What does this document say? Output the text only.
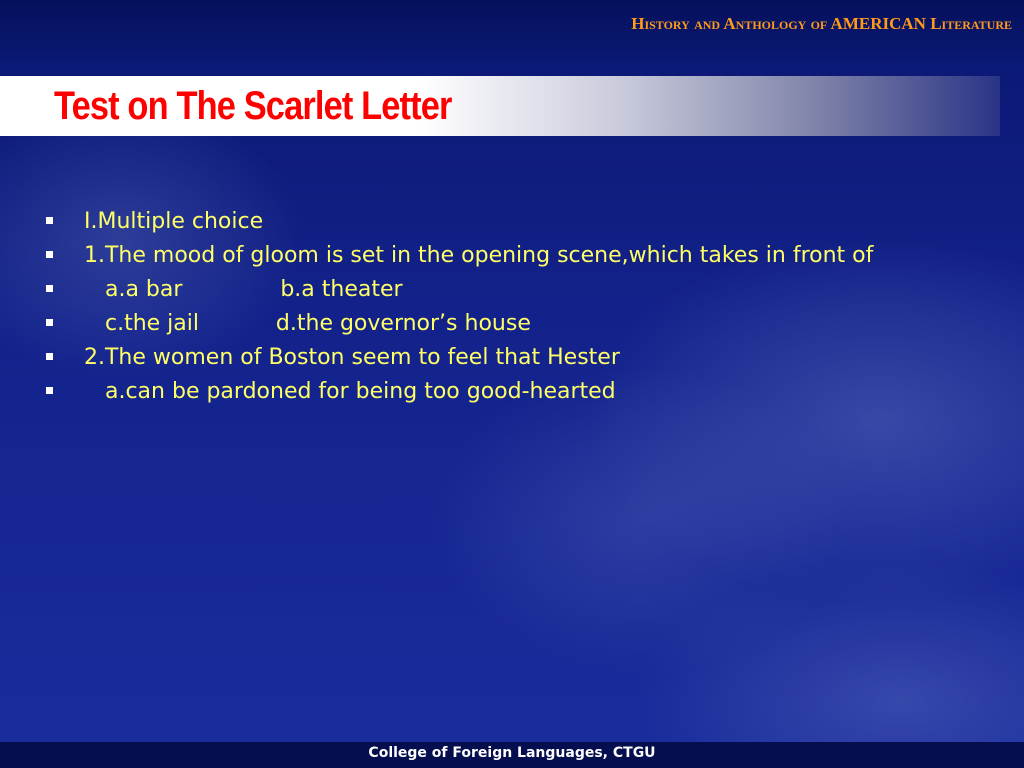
History and Anthology of AMERICAN Literature
Test on The Scarlet Letter
I.Multiple choice
1.The mood of gloom is set in the opening scene,which takes in front of
a.a bar              b.a theater
c.the jail           d.the governor’s house
2.The women of Boston seem to feel that Hester
a.can be pardoned for being too good-hearted
College of Foreign Languages, CTGU
